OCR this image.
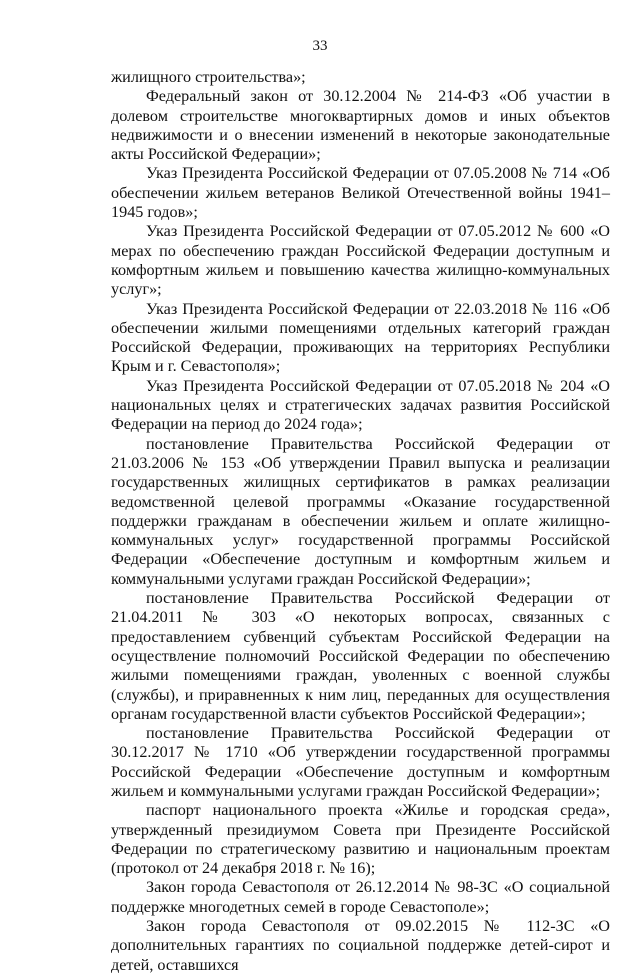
33

жилищного строительства»;

Федеральный закон от 30.12.2004 № 214-ФЗ «Об участии в долевом строительстве многоквартирных домов и иных объектов недвижимости и о внесении изменений в некоторые законодательные акты Российской Федерации»;

Указ Президента Российской Федерации от 07.05.2008 № 714 «Об обеспечении жильем ветеранов Великой Отечественной войны 1941–1945 годов»;

Указ Президента Российской Федерации от 07.05.2012 № 600 «О мерах по обеспечению граждан Российской Федерации доступным и комфортным жильем и повышению качества жилищно-коммунальных услуг»;

Указ Президента Российской Федерации от 22.03.2018 № 116 «Об обеспечении жилыми помещениями отдельных категорий граждан Российской Федерации, проживающих на территориях Республики Крым и г. Севастополя»;

Указ Президента Российской Федерации от 07.05.2018 № 204 «О национальных целях и стратегических задачах развития Российской Федерации на период до 2024 года»;

постановление Правительства Российской Федерации от 21.03.2006 № 153 «Об утверждении Правил выпуска и реализации государственных жилищных сертификатов в рамках реализации ведомственной целевой программы «Оказание государственной поддержки гражданам в обеспечении жильем и оплате жилищно-коммунальных услуг» государственной программы Российской Федерации «Обеспечение доступным и комфортным жильем и коммунальными услугами граждан Российской Федерации»;

постановление Правительства Российской Федерации от 21.04.2011 № 303 «О некоторых вопросах, связанных с предоставлением субвенций субъектам Российской Федерации на осуществление полномочий Российской Федерации по обеспечению жилыми помещениями граждан, уволенных с военной службы (службы), и приравненных к ним лиц, переданных для осуществления органам государственной власти субъектов Российской Федерации»;

постановление Правительства Российской Федерации от 30.12.2017 № 1710 «Об утверждении государственной программы Российской Федерации «Обеспечение доступным и комфортным жильем и коммунальными услугами граждан Российской Федерации»;

паспорт национального проекта «Жилье и городская среда», утвержденный президиумом Совета при Президенте Российской Федерации по стратегическому развитию и национальным проектам (протокол от 24 декабря 2018 г. № 16);

Закон города Севастополя от 26.12.2014 № 98-ЗС «О социальной поддержке многодетных семей в городе Севастополе»;

Закон города Севастополя от 09.02.2015 № 112-ЗС «О дополнительных гарантиях по социальной поддержке детей-сирот и детей, оставшихся
